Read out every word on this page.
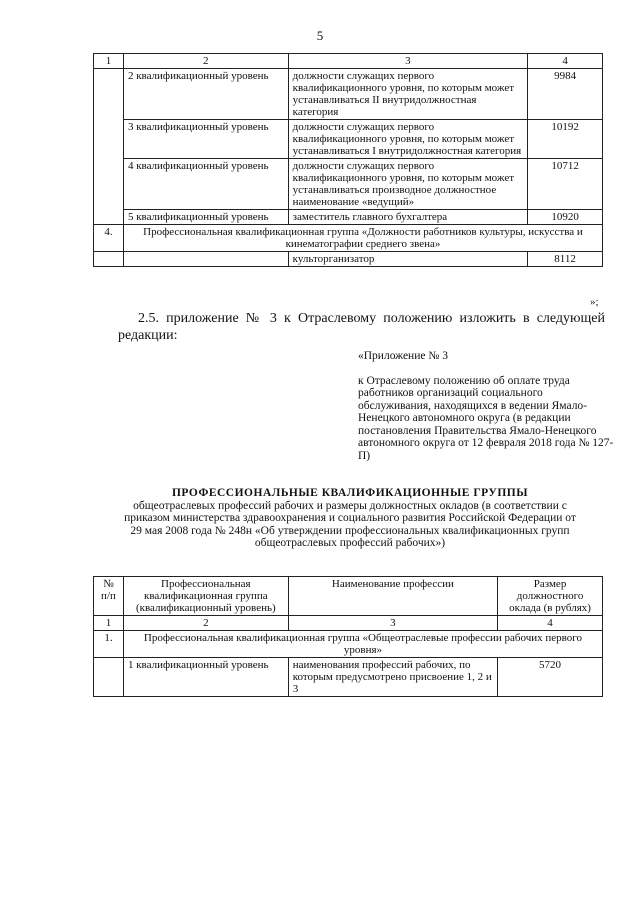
5
1	2	3	4
	2 квалификационный уровень	должности служащих первого квалификационного уровня, по которым может устанавливаться II внутридолжностная категория	9984
	3 квалификационный уровень	должности служащих первого квалификационного уровня, по которым может устанавливаться I внутридолжностная категория	10192
	4 квалификационный уровень	должности служащих первого квалификационного уровня, по которым может устанавливаться производное должностное наименование «ведущий»	10712
	5 квалификационный уровень	заместитель главного бухгалтера	10920
4.	Профессиональная квалификационная группа «Должности работников культуры, искусства и кинематографии среднего звена»		
		культорганизатор	8112
»;
2.5. приложение № 3 к Отраслевому положению изложить в следующей редакции:
«Приложение № 3
к Отраслевому положению об оплате труда работников организаций социального обслуживания, находящихся в ведении Ямало-Ненецкого автономного округа (в редакции постановления Правительства Ямало-Ненецкого автономного округа от 12 февраля 2018 года № 127-П)
ПРОФЕССИОНАЛЬНЫЕ КВАЛИФИКАЦИОННЫЕ ГРУППЫ
общеотраслевых профессий рабочих и размеры должностных окладов (в соответствии с приказом министерства здравоохранения и социального развития Российской Федерации от 29 мая 2008 года № 248н «Об утверждении профессиональных квалификационных групп общеотраслевых профессий рабочих»)
№ п/п	Профессиональная квалификационная группа (квалификационный уровень)	Наименование профессии	Размер должностного оклада (в рублях)
1	2	3	4
1.	Профессиональная квалификационная группа «Общеотраслевые профессии рабочих первого уровня»		
	1 квалификационный уровень	наименования профессий рабочих, по которым предусмотрено присвоение 1, 2 и 3	5720
